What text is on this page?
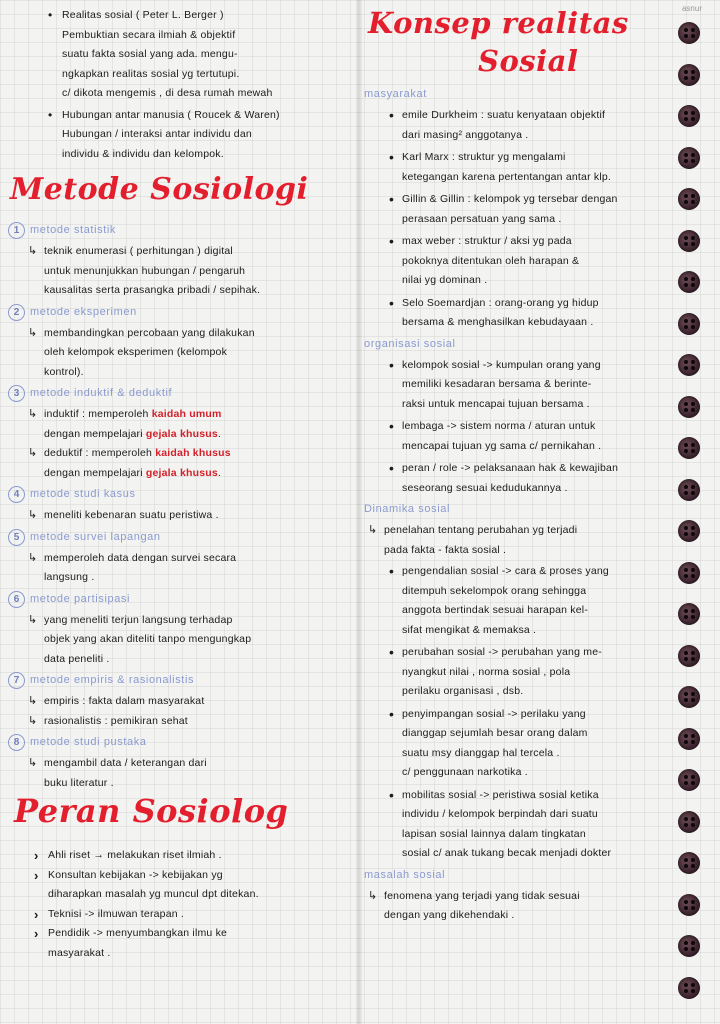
asnur
• Realitas sosial ( Peter L. Berger )
Pembuktian secara ilmiah & objektif
suatu fakta sosial yang ada. mengu-
ngkapkan realitas sosial yg tertutupi.
c/ dikota mengemis , di desa rumah mewah
• Hubungan antar manusia ( Roucek & Waren)
Hubungan / interaksi antar individu dan
individu & individu dan kelompok.
Metode Sosiologi
1 metode statistik
↳ teknik enumerasi ( perhitungan ) digital
untuk menunjukkan hubungan / pengaruh
kausalitas serta prasangka pribadi / sepihak.
2 metode eksperimen
↳ membandingkan percobaan yang dilakukan
oleh kelompok eksperimen (kelompok
kontrol).
3 metode induktif & deduktif
↳ induktif : memperoleh kaidah umum
dengan mempelajari gejala khusus.
↳ deduktif : memperoleh kaidah khusus
dengan mempelajari gejala khusus.
4 metode studi kasus
↳ meneliti kebenaran suatu peristiwa .
5 metode survei lapangan
↳ memperoleh data dengan survei secara
langsung .
6 metode partisipasi
↳ yang meneliti terjun langsung terhadap
objek yang akan diteliti tanpo mengungkap
data peneliti .
7 metode empiris & rasionalistis
↳ empiris : fakta dalam masyarakat
↳ rasionalistis : pemikiran sehat
8 metode studi pustaka
↳ mengambil data / keterangan dari
buku literatur .
Peran Sosiolog
› Ahli riset → melakukan riset ilmiah .
› Konsultan kebijakan -> kebijakan yg
diharapkan masalah yg muncul dpt ditekan.
› Teknisi -> ilmuwan terapan .
› Pendidik -> menyumbangkan ilmu ke
masyarakat .
Konsep realitas
Sosial
masyarakat
• emile Durkheim : suatu kenyataan objektif
dari masing² anggotanya .
• Karl Marx : struktur yg mengalami
ketegangan karena pertentangan antar klp.
• Gillin & Gillin : kelompok yg tersebar dengan
perasaan persatuan yang sama .
• max weber : struktur / aksi yg pada
pokoknya ditentukan oleh harapan &
nilai yg dominan .
• Selo Soemardjan : orang-orang yg hidup
bersama & menghasilkan kebudayaan .
organisasi sosial
• kelompok sosial -> kumpulan orang yang
memiliki kesadaran bersama & berinte-
raksi untuk mencapai tujuan bersama .
• lembaga -> sistem norma / aturan untuk
mencapai tujuan yg sama c/ pernikahan .
• peran / role -> pelaksanaan hak & kewajiban
seseorang sesuai kedudukannya .
Dinamika sosial
↳ penelahan tentang perubahan yg terjadi
pada fakta - fakta sosial .
• pengendalian sosial -> cara & proses yang
ditempuh sekelompok orang sehingga
anggota bertindak sesuai harapan kel-
sifat mengikat & memaksa .
• perubahan sosial -> perubahan yang me-
nyangkut nilai , norma sosial , pola
perilaku organisasi , dsb.
• penyimpangan sosial -> perilaku yang
dianggap sejumlah besar orang dalam
suatu msy dianggap hal tercela .
c/ penggunaan narkotika .
• mobilitas sosial -> peristiwa sosial ketika
individu / kelompok berpindah dari suatu
lapisan sosial lainnya dalam tingkatan
sosial c/ anak tukang becak menjadi dokter
masalah sosial
↳ fenomena yang terjadi yang tidak sesuai
dengan yang dikehendaki .
